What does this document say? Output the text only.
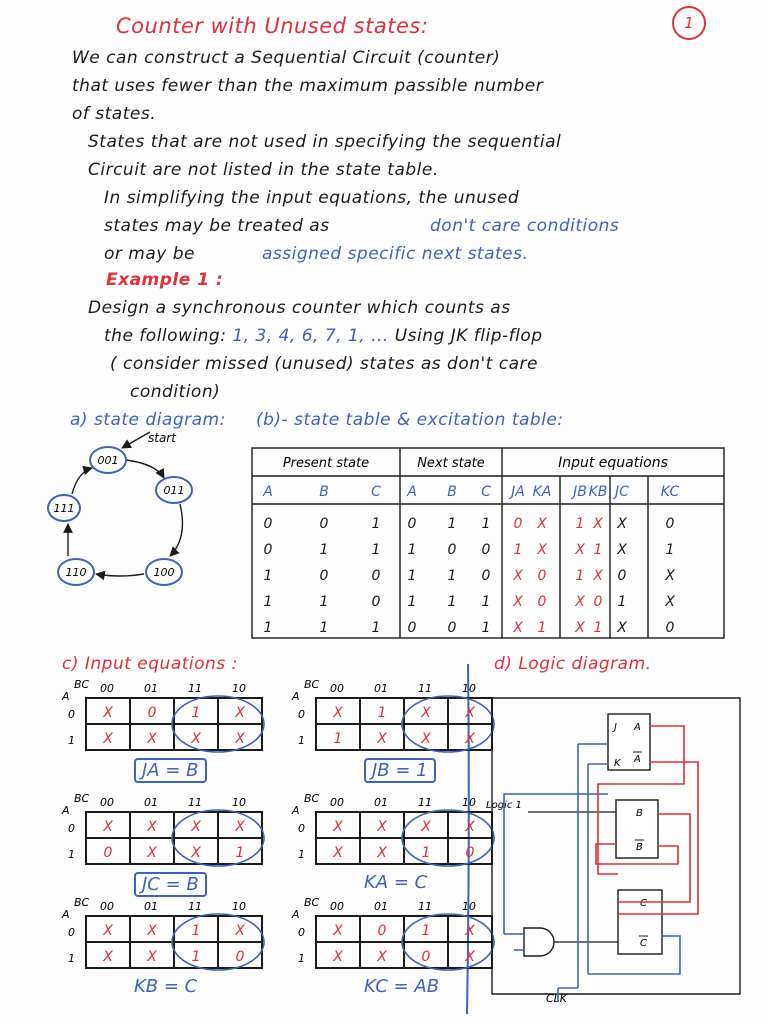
1
Counter with Unused states:
We can construct a Sequential Circuit (counter)
that uses fewer than the maximum passible number
of states.
States that are not used in specifying the sequential
Circuit are not listed in the state table.
In simplifying the input equations, the unused
states may be treated as	don't care conditions
or may be	assigned specific next states.
Example 1 :
Design a synchronous counter which counts as
the following: 1, 3, 4, 6, 7, 1, ... Using JK flip-flop
( consider missed (unused) states as don't care
condition)
a) state diagram: (b)- state table & excitation table:
start
001
011
100
110
111
Present state	Next state	Input equations
A	B	C A B C JA KA JB KB JC KC
0	0	1 0 1 1 0 X 1 X X	0
0	1	1 1 0 0 1 X X 1 X	1
1	0	0 1 1 0 X 0 1 X 0	X
1	1	0 1 1 1 X 0 X 0 1	X
1	1	1 0 0 1 X 1 X 1 X	0
c) Input equations :	d) Logic diagram.
A
BC 00	01	11	10
0
1
X 0	1 X
X X X X
JA = B
A
BC 00	01	11	10
0
1
X 1 X X
1 X X X
JB = 1
A
BC 00	01	11	10
0
1
X X X X
0 X X 1
JC = B
A
BC 00	01	11	10
0
1
X X X X
X X 1	0
KA = C
A
BC 00	01	11	10
0
1
X X 1 X
X X 1	0
KB = C
A
BC 00	01	11	10
0
1
X 0	1 X
X X 0 X
KC = AB
J
K
A
A
B
B
C
C
Logic 1
CLK
